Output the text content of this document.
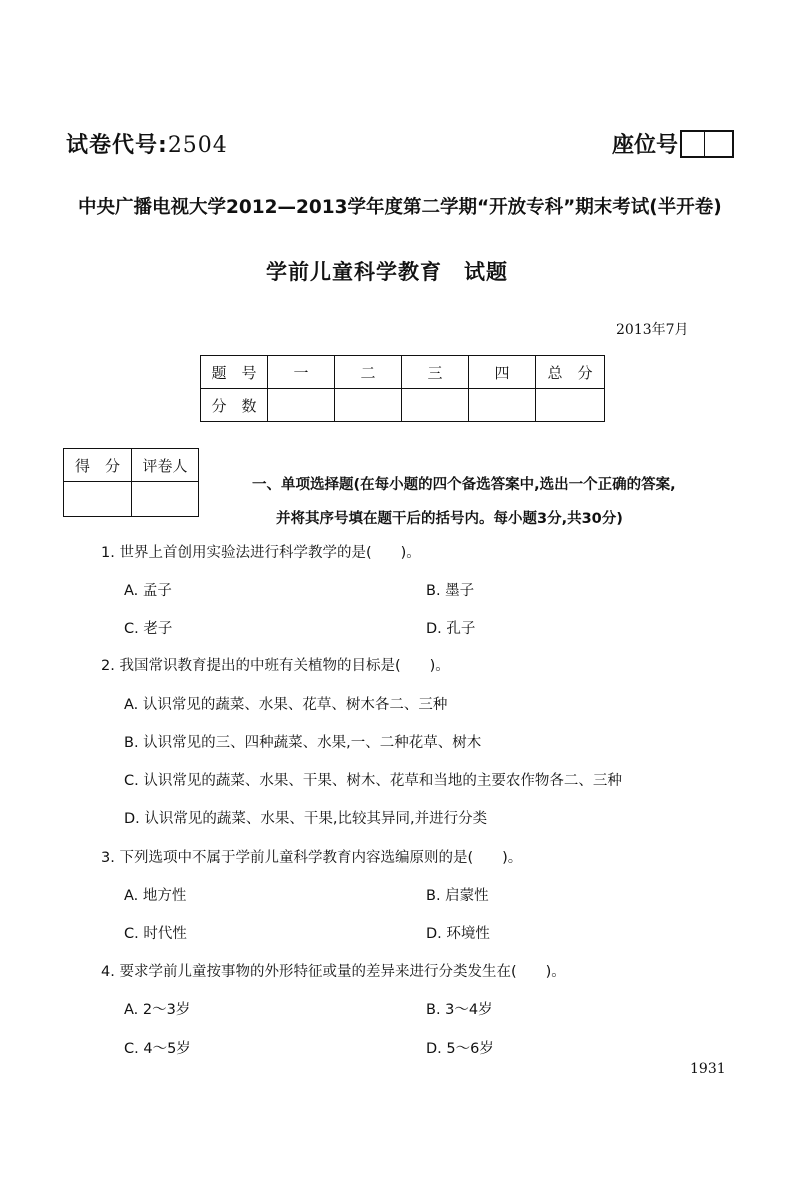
试卷代号:2504	座位号
中央广播电视大学2012—2013学年度第二学期“开放专科”期末考试(半开卷)
学前儿童科学教育　试题
2013年7月
题　号	一	二	三	四	总　分
分　数					
得　分	评卷人

一、单项选择题(在每小题的四个备选答案中,选出一个正确的答案,
并将其序号填在题干后的括号内。每小题3分,共30分)
1. 世界上首创用实验法进行科学教学的是(　　)。
A. 孟子	B. 墨子
C. 老子	D. 孔子
2. 我国常识教育提出的中班有关植物的目标是(　　)。
A. 认识常见的蔬菜、水果、花草、树木各二、三种
B. 认识常见的三、四种蔬菜、水果,一、二种花草、树木
C. 认识常见的蔬菜、水果、干果、树木、花草和当地的主要农作物各二、三种
D. 认识常见的蔬菜、水果、干果,比较其异同,并进行分类
3. 下列选项中不属于学前儿童科学教育内容选编原则的是(　　)。
A. 地方性	B. 启蒙性
C. 时代性	D. 环境性
4. 要求学前儿童按事物的外形特征或量的差异来进行分类发生在(　　)。
A. 2～3岁	B. 3～4岁
C. 4～5岁	D. 5～6岁
1931
